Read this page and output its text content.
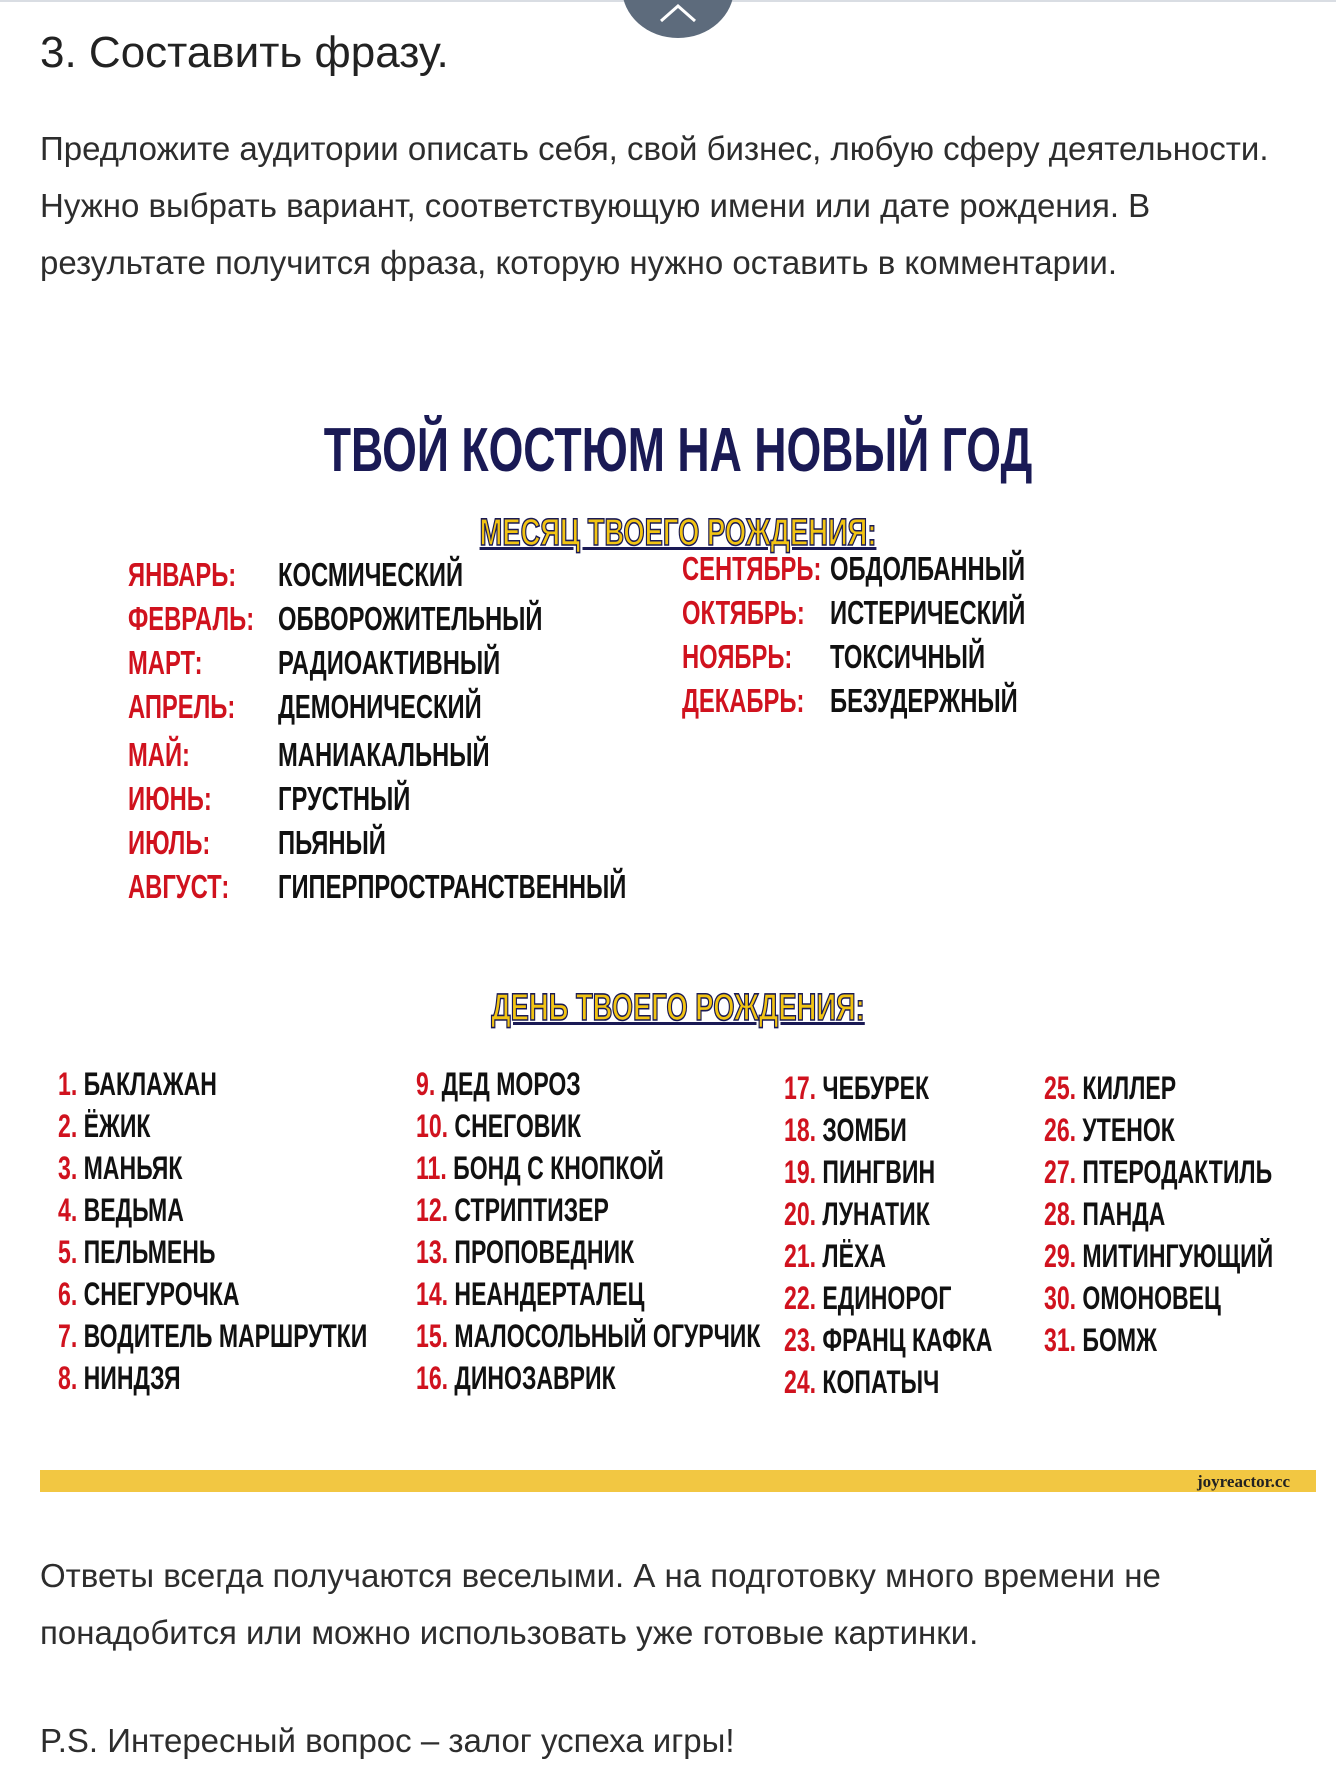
3. Составить фразу.

Предложите аудитории описать себя, свой бизнес, любую сферу деятельности. Нужно выбрать вариант, соответствующую имени или дате рождения. В результате получится фраза, которую нужно оставить в комментарии.

ТВОЙ КОСТЮМ НА НОВЫЙ ГОД
МЕСЯЦ ТВОЕГО РОЖДЕНИЯ:
ЯНВАРЬ: КОСМИЧЕСКИЙ
ФЕВРАЛЬ: ОБВОРОЖИТЕЛЬНЫЙ
МАРТ: РАДИОАКТИВНЫЙ
АПРЕЛЬ: ДЕМОНИЧЕСКИЙ
МАЙ:	МАНИАКАЛЬНЫЙ
ИЮНЬ: ГРУСТНЫЙ
ИЮЛЬ: ПЬЯНЫЙ
АВГУСТ: ГИПЕРПРОСТРАНСТВЕННЫЙ
СЕНТЯБРЬ: ОБДОЛБАННЫЙ
ОКТЯБРЬ: ИСТЕРИЧЕСКИЙ
НОЯБРЬ: ТОКСИЧНЫЙ
ДЕКАБРЬ: БЕЗУДЕРЖНЫЙ
ДЕНЬ ТВОЕГО РОЖДЕНИЯ:
1. БАКЛАЖАН
2. ЁЖИК
3. МАНЬЯК
4. ВЕДЬМА
5. ПЕЛЬМЕНЬ
6. СНЕГУРОЧКА
7. ВОДИТЕЛЬ МАРШРУТКИ
8. НИНДЗЯ
9. ДЕД МОРОЗ
10. СНЕГОВИК
11. БОНД С КНОПКОЙ
12. СТРИПТИЗЕР
13. ПРОПОВЕДНИК
14. НЕАНДЕРТАЛЕЦ
15. МАЛОСОЛЬНЫЙ ОГУРЧИК
16. ДИНОЗАВРИК
17. ЧЕБУРЕК
18. ЗОМБИ
19. ПИНГВИН
20. ЛУНАТИК
21. ЛЁХА
22. ЕДИНОРОГ
23. ФРАНЦ КАФКА
24. КОПАТЫЧ
25. КИЛЛЕР
26. УТЕНОК
27. ПТЕРОДАКТИЛЬ
28. ПАНДА
29. МИТИНГУЮЩИЙ
30. ОМОНОВЕЦ
31. БОМЖ
joyreactor.cc

Ответы всегда получаются веселыми. А на подготовку много времени не понадобится или можно использовать уже готовые картинки.

P.S. Интересный вопрос – залог успеха игры!
